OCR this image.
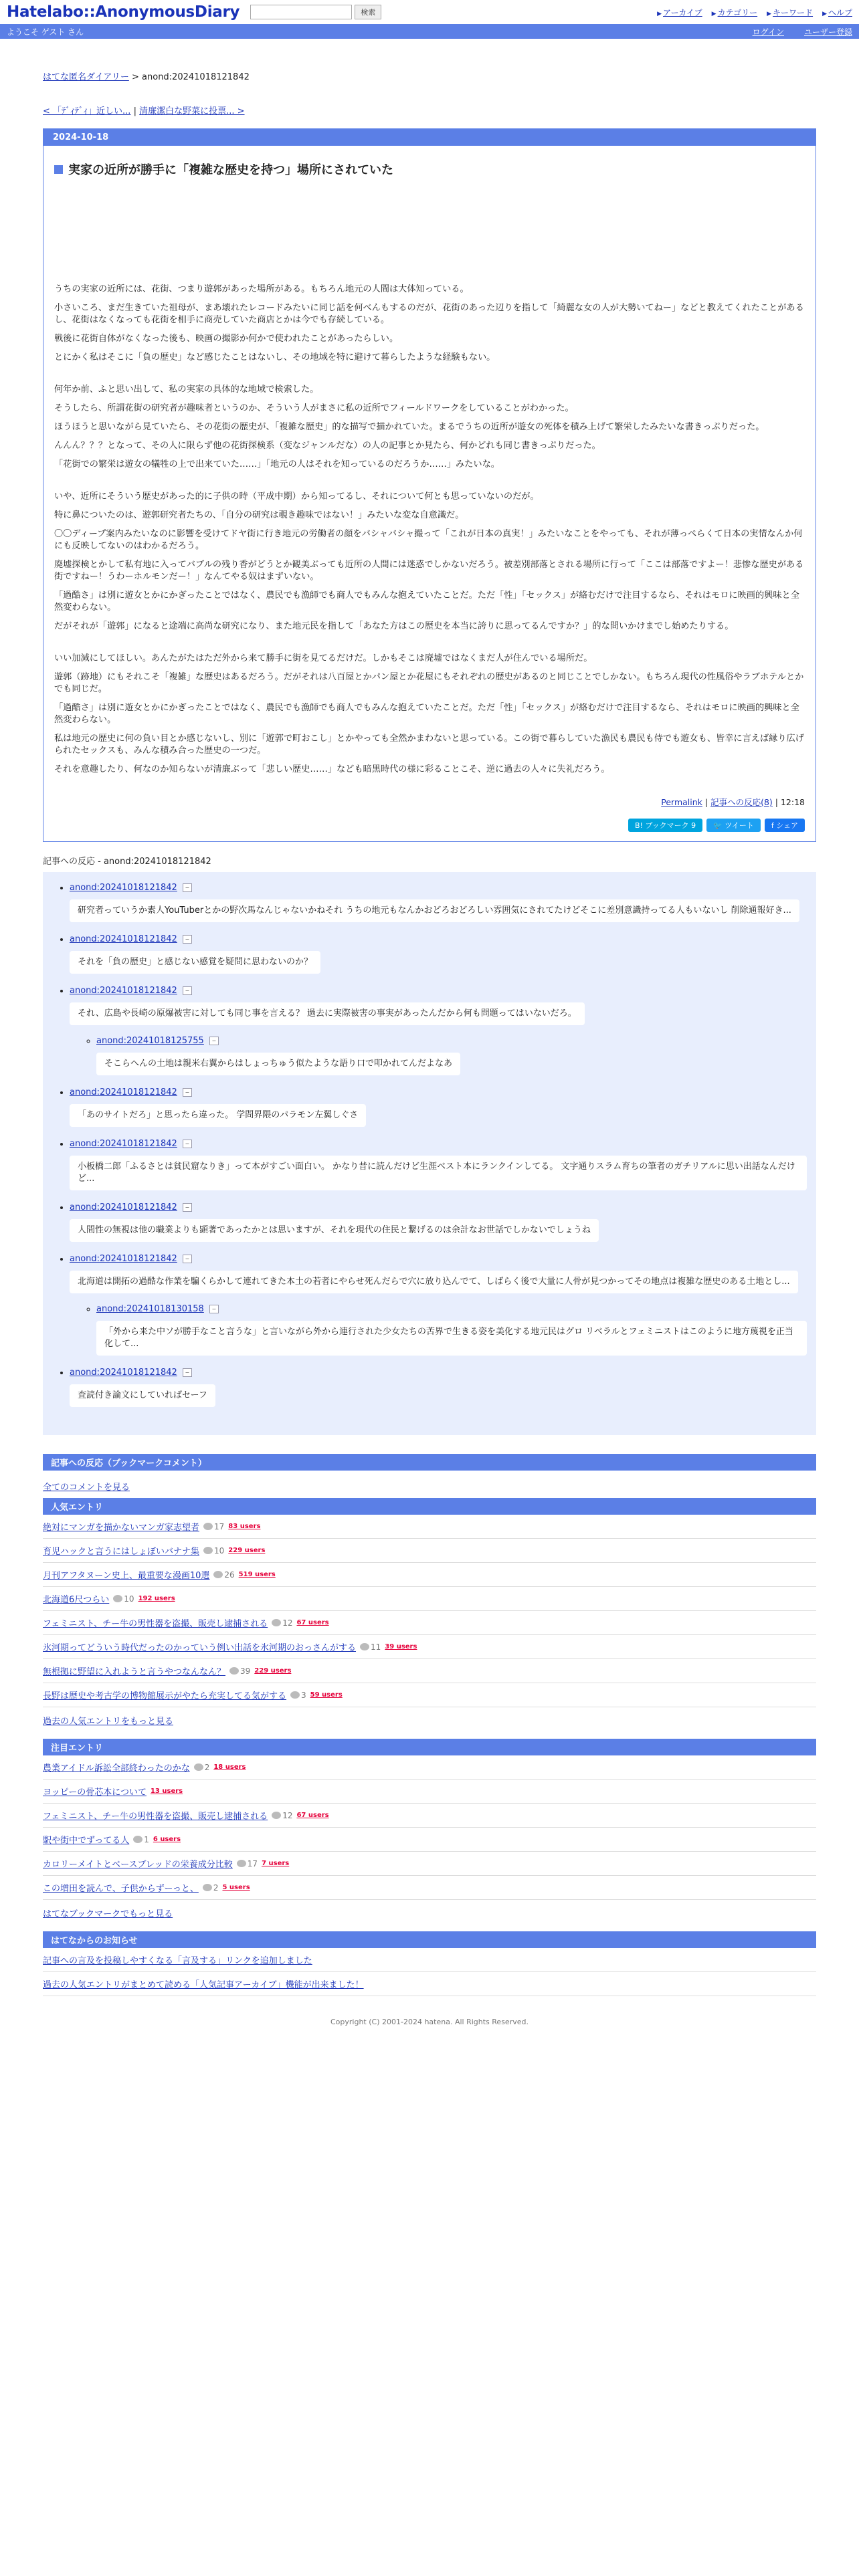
Hatelabo::AnonymousDiary	検索	▶ アーカイブ ▶ カテゴリー ▶ キーワード ▶ ヘルプ
ようこそ ゲスト さん	ログイン	ユーザー登録
はてな匿名ダイアリー > anond:20241018121842
< 「ﾃﾞｨﾃﾞｨ」近しい... | 清廉潔白な野菜に投票... >
2024-10-18
実家の近所が勝手に「複雑な歴史を持つ」場所にされていた

うちの実家の近所には、花街、つまり遊郭があった場所がある。もちろん地元の人間は大体知っている。

小さいころ、まだ生きていた祖母が、まあ壊れたレコードみたいに同じ話を何べんもするのだが、花街のあった辺りを指して「綺麗な女の人が大勢いてねー」などと教えてくれたことがあるし、花街はなくなっても花街を相手に商売していた商店とかは今でも存続している。

戦後に花街自体がなくなった後も、映画の撮影か何かで使われたことがあったらしい。

とにかく私はそこに「負の歴史」など感じたことはないし、その地域を特に避けて暮らしたような経験もない。

何年か前、ふと思い出して、私の実家の具体的な地域で検索した。

そうしたら、所謂花街の研究者が趣味者というのか、そういう人がまさに私の近所でフィールドワークをしていることがわかった。

ほうほうと思いながら見ていたら、その花街の歴史が、「複雑な歴史」的な描写で描かれていた。まるでうちの近所が遊女の死体を積み上げて繁栄したみたいな書きっぷりだった。

んんん？？？となって、その人に限らず他の花街探検系（変なジャンルだな）の人の記事とか見たら、何かどれも同じ書きっぷりだった。

「花街での繁栄は遊女の犠牲の上で出来ていた……」「地元の人はそれを知っているのだろうか……」みたいな。

いや、近所にそういう歴史があった的に子供の時（平成中期）から知ってるし、それについて何とも思っていないのだが。

特に鼻についたのは、遊郭研究者たちの、「自分の研究は覗き趣味ではない！」みたいな変な自意識だ。

〇〇ディープ案内みたいなのに影響を受けてドヤ街に行き地元の労働者の顔をバシャバシャ撮って「これが日本の真実！」みたいなことをやっても、それが薄っぺらくて日本の実情なんか何にも反映してないのはわかるだろう。

廃墟探検とかして私有地に入ってバブルの残り香がどうとか観美ぶっても近所の人間には迷惑でしかないだろう。被差別部落とされる場所に行って「ここは部落ですよー！悲惨な歴史がある街ですねー！うわーホルモンだー！」なんてやる奴はまずいない。

「過酷さ」は別に遊女とかにかぎったことではなく、農民でも漁師でも商人でもみんな抱えていたことだ。ただ「性」「セックス」が絡むだけで注目するなら、それはモロに映画的興味と全然変わらない。

だがそれが「遊郭」になると途端に高尚な研究になり、また地元民を指して「あなた方はこの歴史を本当に誇りに思ってるんですか？」的な問いかけまでし始めたりする。

いい加減にしてほしい。あんたがたはただ外から来て勝手に街を見てるだけだ。しかもそこは廃墟ではなくまだ人が住んでいる場所だ。

遊郭（跡地）にもそれこそ「複雑」な歴史はあるだろう。だがそれは八百屋とかパン屋とか花屋にもそれぞれの歴史があるのと同じことでしかない。もちろん現代の性風俗やラブホテルとかでも同じだ。

「過酷さ」は別に遊女とかにかぎったことではなく、農民でも漁師でも商人でもみんな抱えていたことだ。ただ「性」「セックス」が絡むだけで注目するなら、それはモロに映画的興味と全然変わらない。

私は地元の歴史に何の負い目とか感じないし、別に「遊郭で町おこし」とかやっても全然かまわないと思っている。この街で暮らしていた漁民も農民も侍でも遊女も、皆幸に言えば縁り広げられたセックスも、みんな積み合った歴史の一つだ。

それを意趣したり、何なのか知らないが清廉ぶって「悲しい歴史……」なども暗黒時代の様に彩ることこそ、逆に過去の人々に失礼だろう。

Permalink | 記事への反応(8) | 12:18
B! ブックマーク 9	🐦 ツイート f シェア
記事への反応 - anond:20241018121842
• anond:20241018121842	−
研究者っていうか素人YouTuberとかの野次馬なんじゃないかねそれ うちの地元もなんかおどろおどろしい雰囲気にされてたけどそこに差別意識持ってる人もいないし 削除通報好き...
• anond:20241018121842	−
それを「負の歴史」と感じない感覚を疑問に思わないのか？
• anond:20241018121842	−
それ、広島や長崎の原爆被害に対しても同じ事を言える？ 過去に実際被害の事実があったんだから何も問題ってはいないだろ。
◦ anond:20241018125755	−
そこらへんの土地は親米右翼からはしょっちゅう似たような語り口で叩かれてんだよなあ
• anond:20241018121842	−
「あのサイトだろ」と思ったら違った。 学問界隈のパラモン左翼しぐさ
• anond:20241018121842	−
小板橋二郎「ふるさとは貧民窟なりき」って本がすごい面白い。 かなり昔に読んだけど生涯ベスト本にランクインしてる。 文字通りスラム育ちの筆者のガチリアルに思い出話なんだけど...
• anond:20241018121842	−
人間性の無視は他の職業よりも顕著であったかとは思いますが、それを現代の住民と繋げるのは余計なお世話でしかないでしょうね
• anond:20241018121842	−
北海道は開拓の過酷な作業を騙くらかして連れてきた本土の若者にやらせ死んだらで穴に放り込んでて、しばらく後で大量に人骨が見つかってその地点は複雑な歴史のある土地とし...
◦ anond:20241018130158	−
「外から来た中ソが勝手なこと言うな」と言いながら外から連行された少女たちの苦界で生きる姿を美化する地元民はグロ リベラルとフェミニストはこのように地方蔑視を正当化して...
• anond:20241018121842	−
査読付き論文にしていればセーフ
記事への反応（ブックマークコメント）
全てのコメントを見る
人気エントリ
絶対にマンガを描かないマンガ家志望者 17 83 users
育児ハックと言うにはしょぼいバナナ集 10 229 users
月刊アフタヌーン史上、最重要な漫画10選 26 519 users
北海道6尺つらい 10 192 users
フェミニスト、チー牛の男性器を盗撮、販売し逮捕される 12 67 users
氷河期ってどういう時代だったのかっていう例い出話を氷河期のおっさんがする 11 39 users
無根拠に野望に入れようと言うやつなんなん？ 39 229 users
長野は歴史や考古学の博物館展示がやたら充実してる気がする 3 59 users
過去の人気エントリをもっと見る
注目エントリ
農業アイドル訴訟全部終わったのかな 2 18 users
ヨッピーの骨芯本について 13 users
フェミニスト、チー牛の男性器を盗撮、販売し逮捕される 12 67 users
駅や街中でずってる人 1 6 users
カロリーメイトとベースブレッドの栄養成分比較 17 7 users
この増田を読んで、子供からずーっと、 2 5 users
はてなブックマークでもっと見る
はてなからのお知らせ
記事への言及を投稿しやすくなる「言及する」リンクを追加しました
過去の人気エントリがまとめて読める「人気記事アーカイブ」機能が出来ました！
Copyright (C) 2001-2024 hatena. All Rights Reserved.
